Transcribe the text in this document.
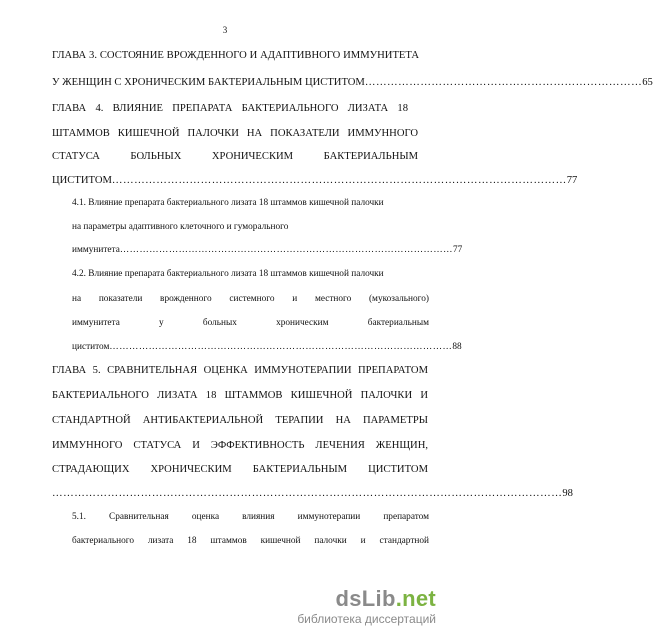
3
ГЛАВА 3. СОСТОЯНИЕ ВРОЖДЕННОГО И АДАПТИВНОГО ИММУНИТЕТА
У ЖЕНЩИН С ХРОНИЧЕСКИМ БАКТЕРИАЛЬНЫМ ЦИСТИТОМ ………………………………………………………………… 65
ГЛАВА 4. ВЛИЯНИЕ ПРЕПАРАТА БАКТЕРИАЛЬНОГО ЛИЗАТА 18
ШТАММОВ КИШЕЧНОЙ ПАЛОЧКИ НА ПОКАЗАТЕЛИ ИММУННОГО
СТАТУСА БОЛЬНЫХ ХРОНИЧЕСКИМ БАКТЕРИАЛЬНЫМ
ЦИСТИТОМ …………………………………………………………………………………………………………… 77
4.1. Влияние препарата бактериального лизата 18 штаммов кишечной палочки
на параметры адаптивного клеточного и гуморального
иммунитета ………………………………………………………………………………………… 77
4.2. Влияние препарата бактериального лизата 18 штаммов кишечной палочки
на показатели врожденного системного и местного (мукозального)
иммунитета у больных хроническим бактериальным
циститом …………………………………………………………………………………………… 88
ГЛАВА 5. СРАВНИТЕЛЬНАЯ ОЦЕНКА ИММУНОТЕРАПИИ ПРЕПАРАТОМ
БАКТЕРИАЛЬНОГО ЛИЗАТА 18 ШТАММОВ КИШЕЧНОЙ ПАЛОЧКИ И
СТАНДАРТНОЙ АНТИБАКТЕРИАЛЬНОЙ ТЕРАПИИ НА ПАРАМЕТРЫ
ИММУННОГО СТАТУСА И ЭФФЕКТИВНОСТЬ ЛЕЧЕНИЯ ЖЕНЩИН,
СТРАДАЮЩИХ ХРОНИЧЕСКИМ БАКТЕРИАЛЬНЫМ ЦИСТИТОМ
………………………………………………………………………………………………………………………… 98
5.1. Сравнительная оценка влияния иммунотерапии препаратом
бактериального лизата 18 штаммов кишечной палочки и стандартной
dsLib.net
библиотека диссертаций
